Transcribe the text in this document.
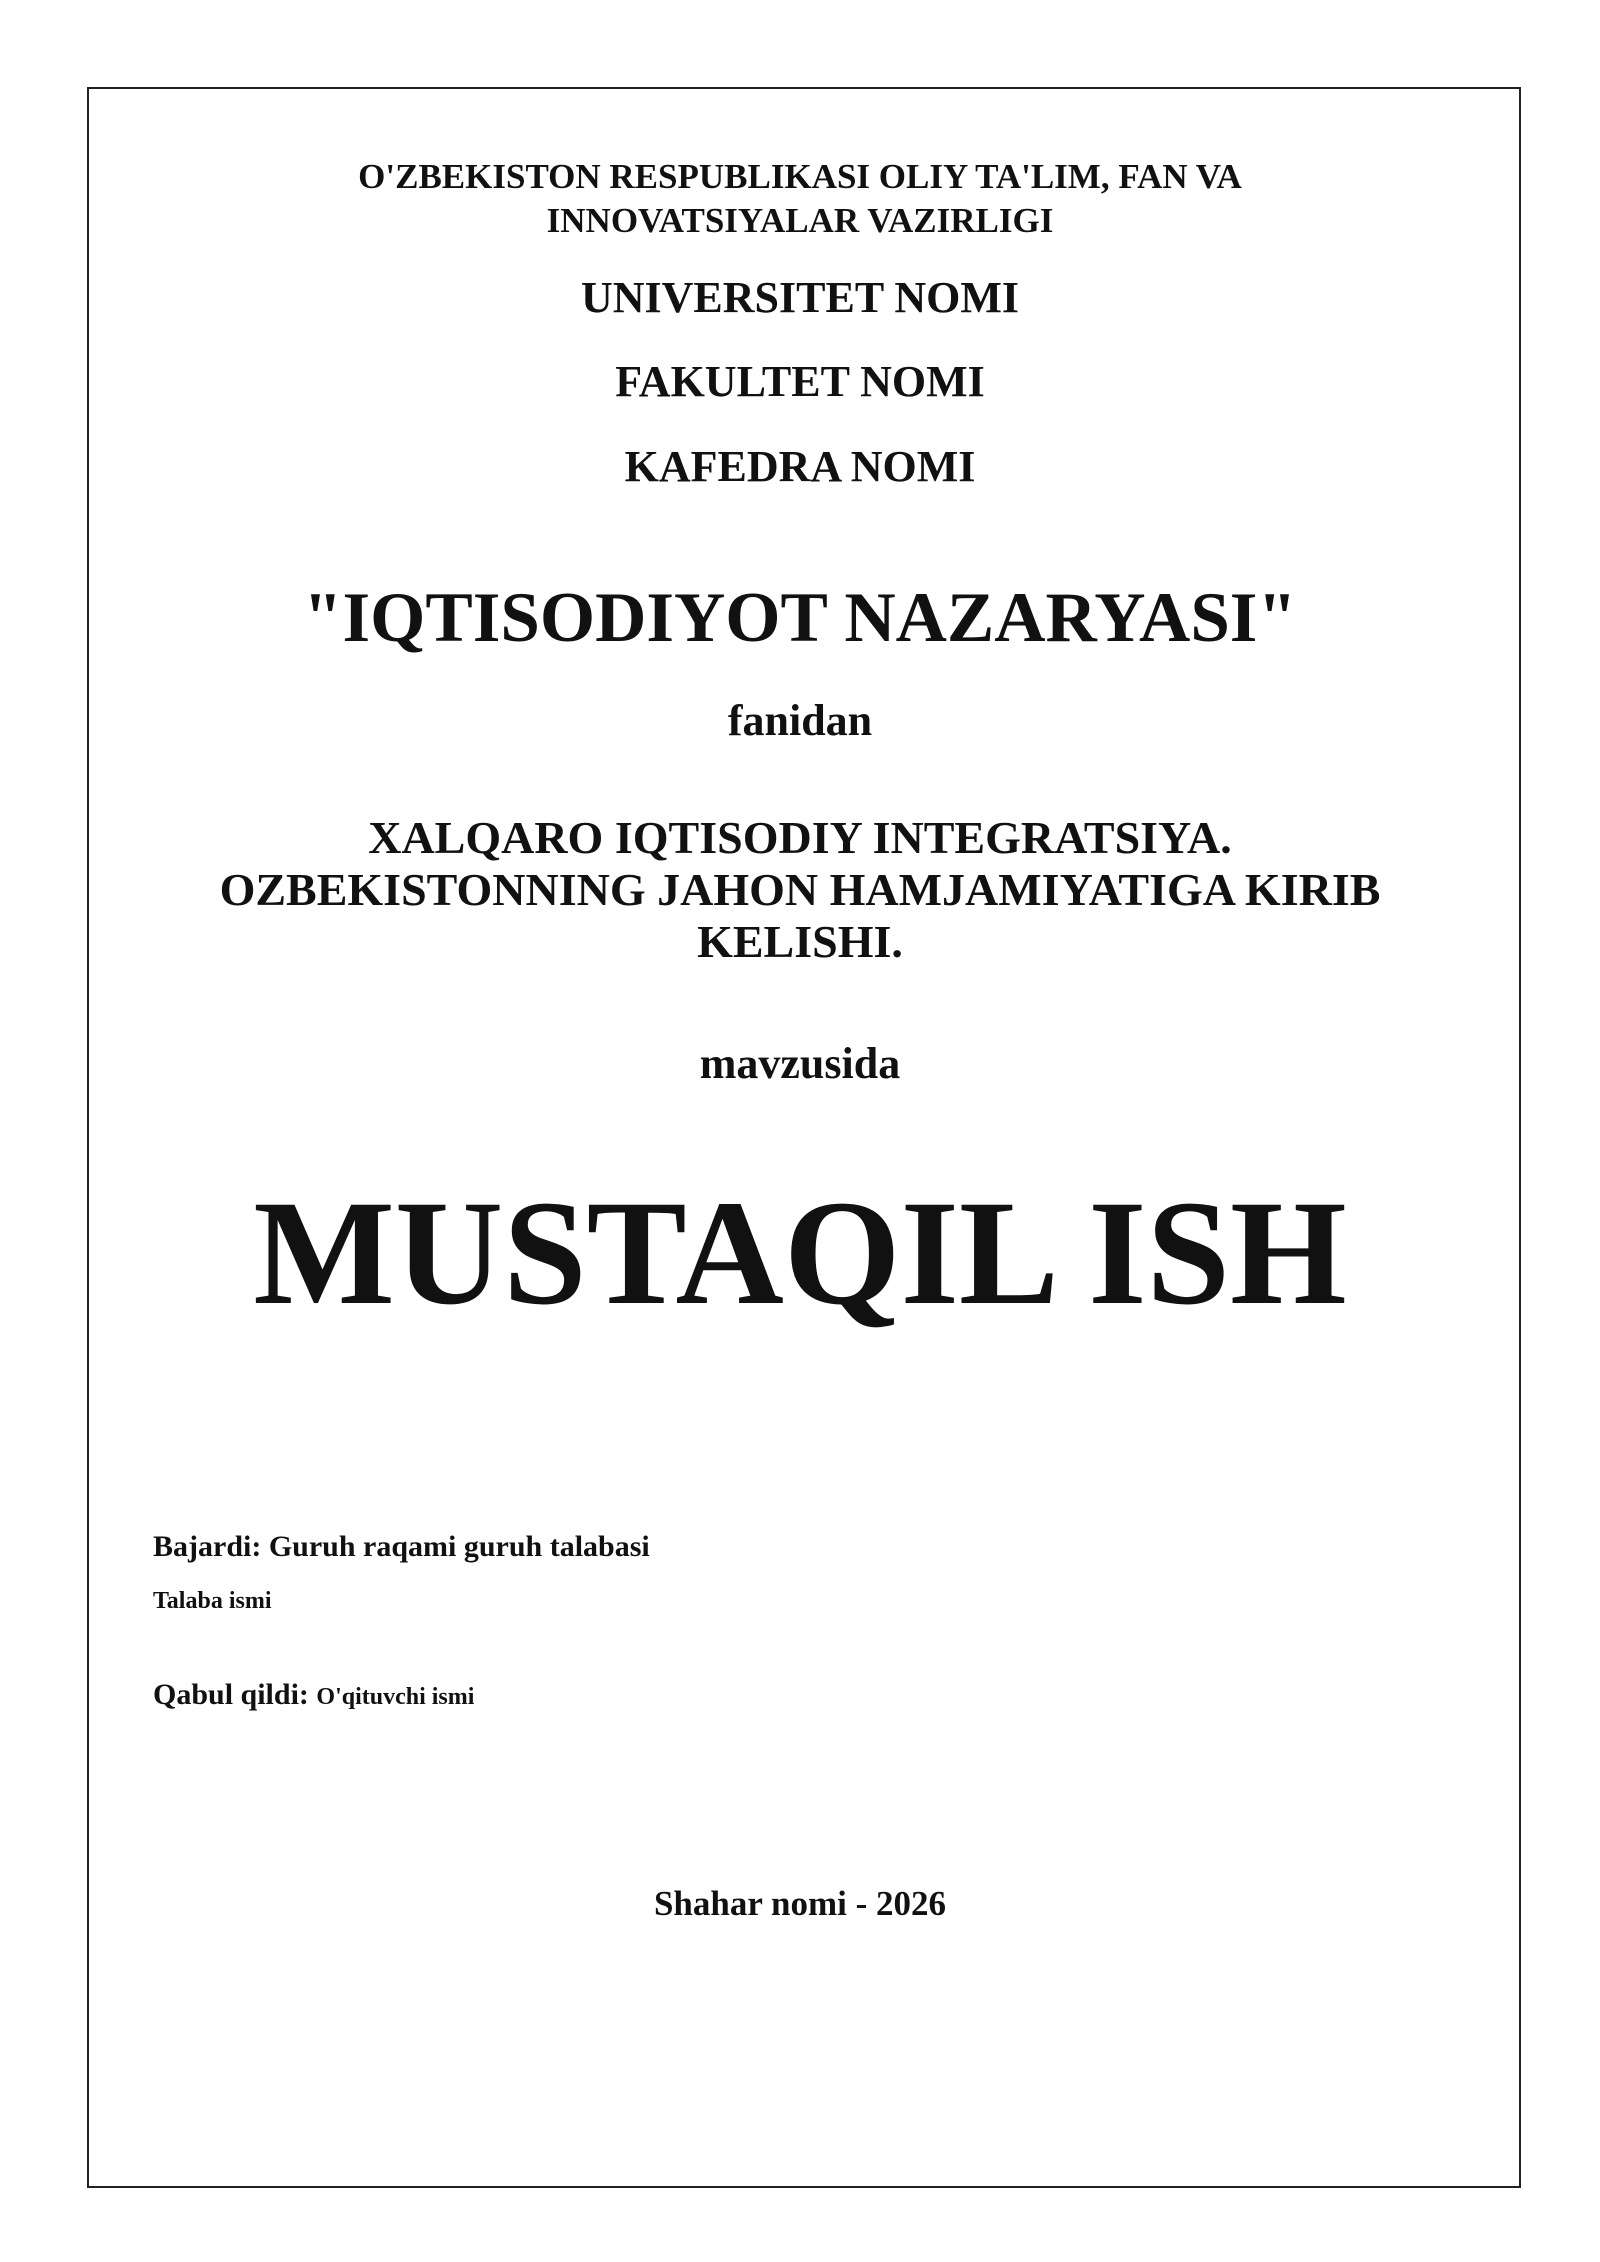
O'ZBEKISTON RESPUBLIKASI OLIY TA'LIM, FAN VA
INNOVATSIYALAR VAZIRLIGI
UNIVERSITET NOMI
FAKULTET NOMI
KAFEDRA NOMI
"IQTISODIYOT NAZARYASI"
fanidan
XALQARO IQTISODIY INTEGRATSIYA.
OZBEKISTONNING JAHON HAMJAMIYATIGA KIRIB
KELISHI.
mavzusida
MUSTAQIL ISH
Bajardi: Guruh raqami guruh talabasi
Talaba ismi
Qabul qildi: O'qituvchi ismi
Shahar nomi - 2026
